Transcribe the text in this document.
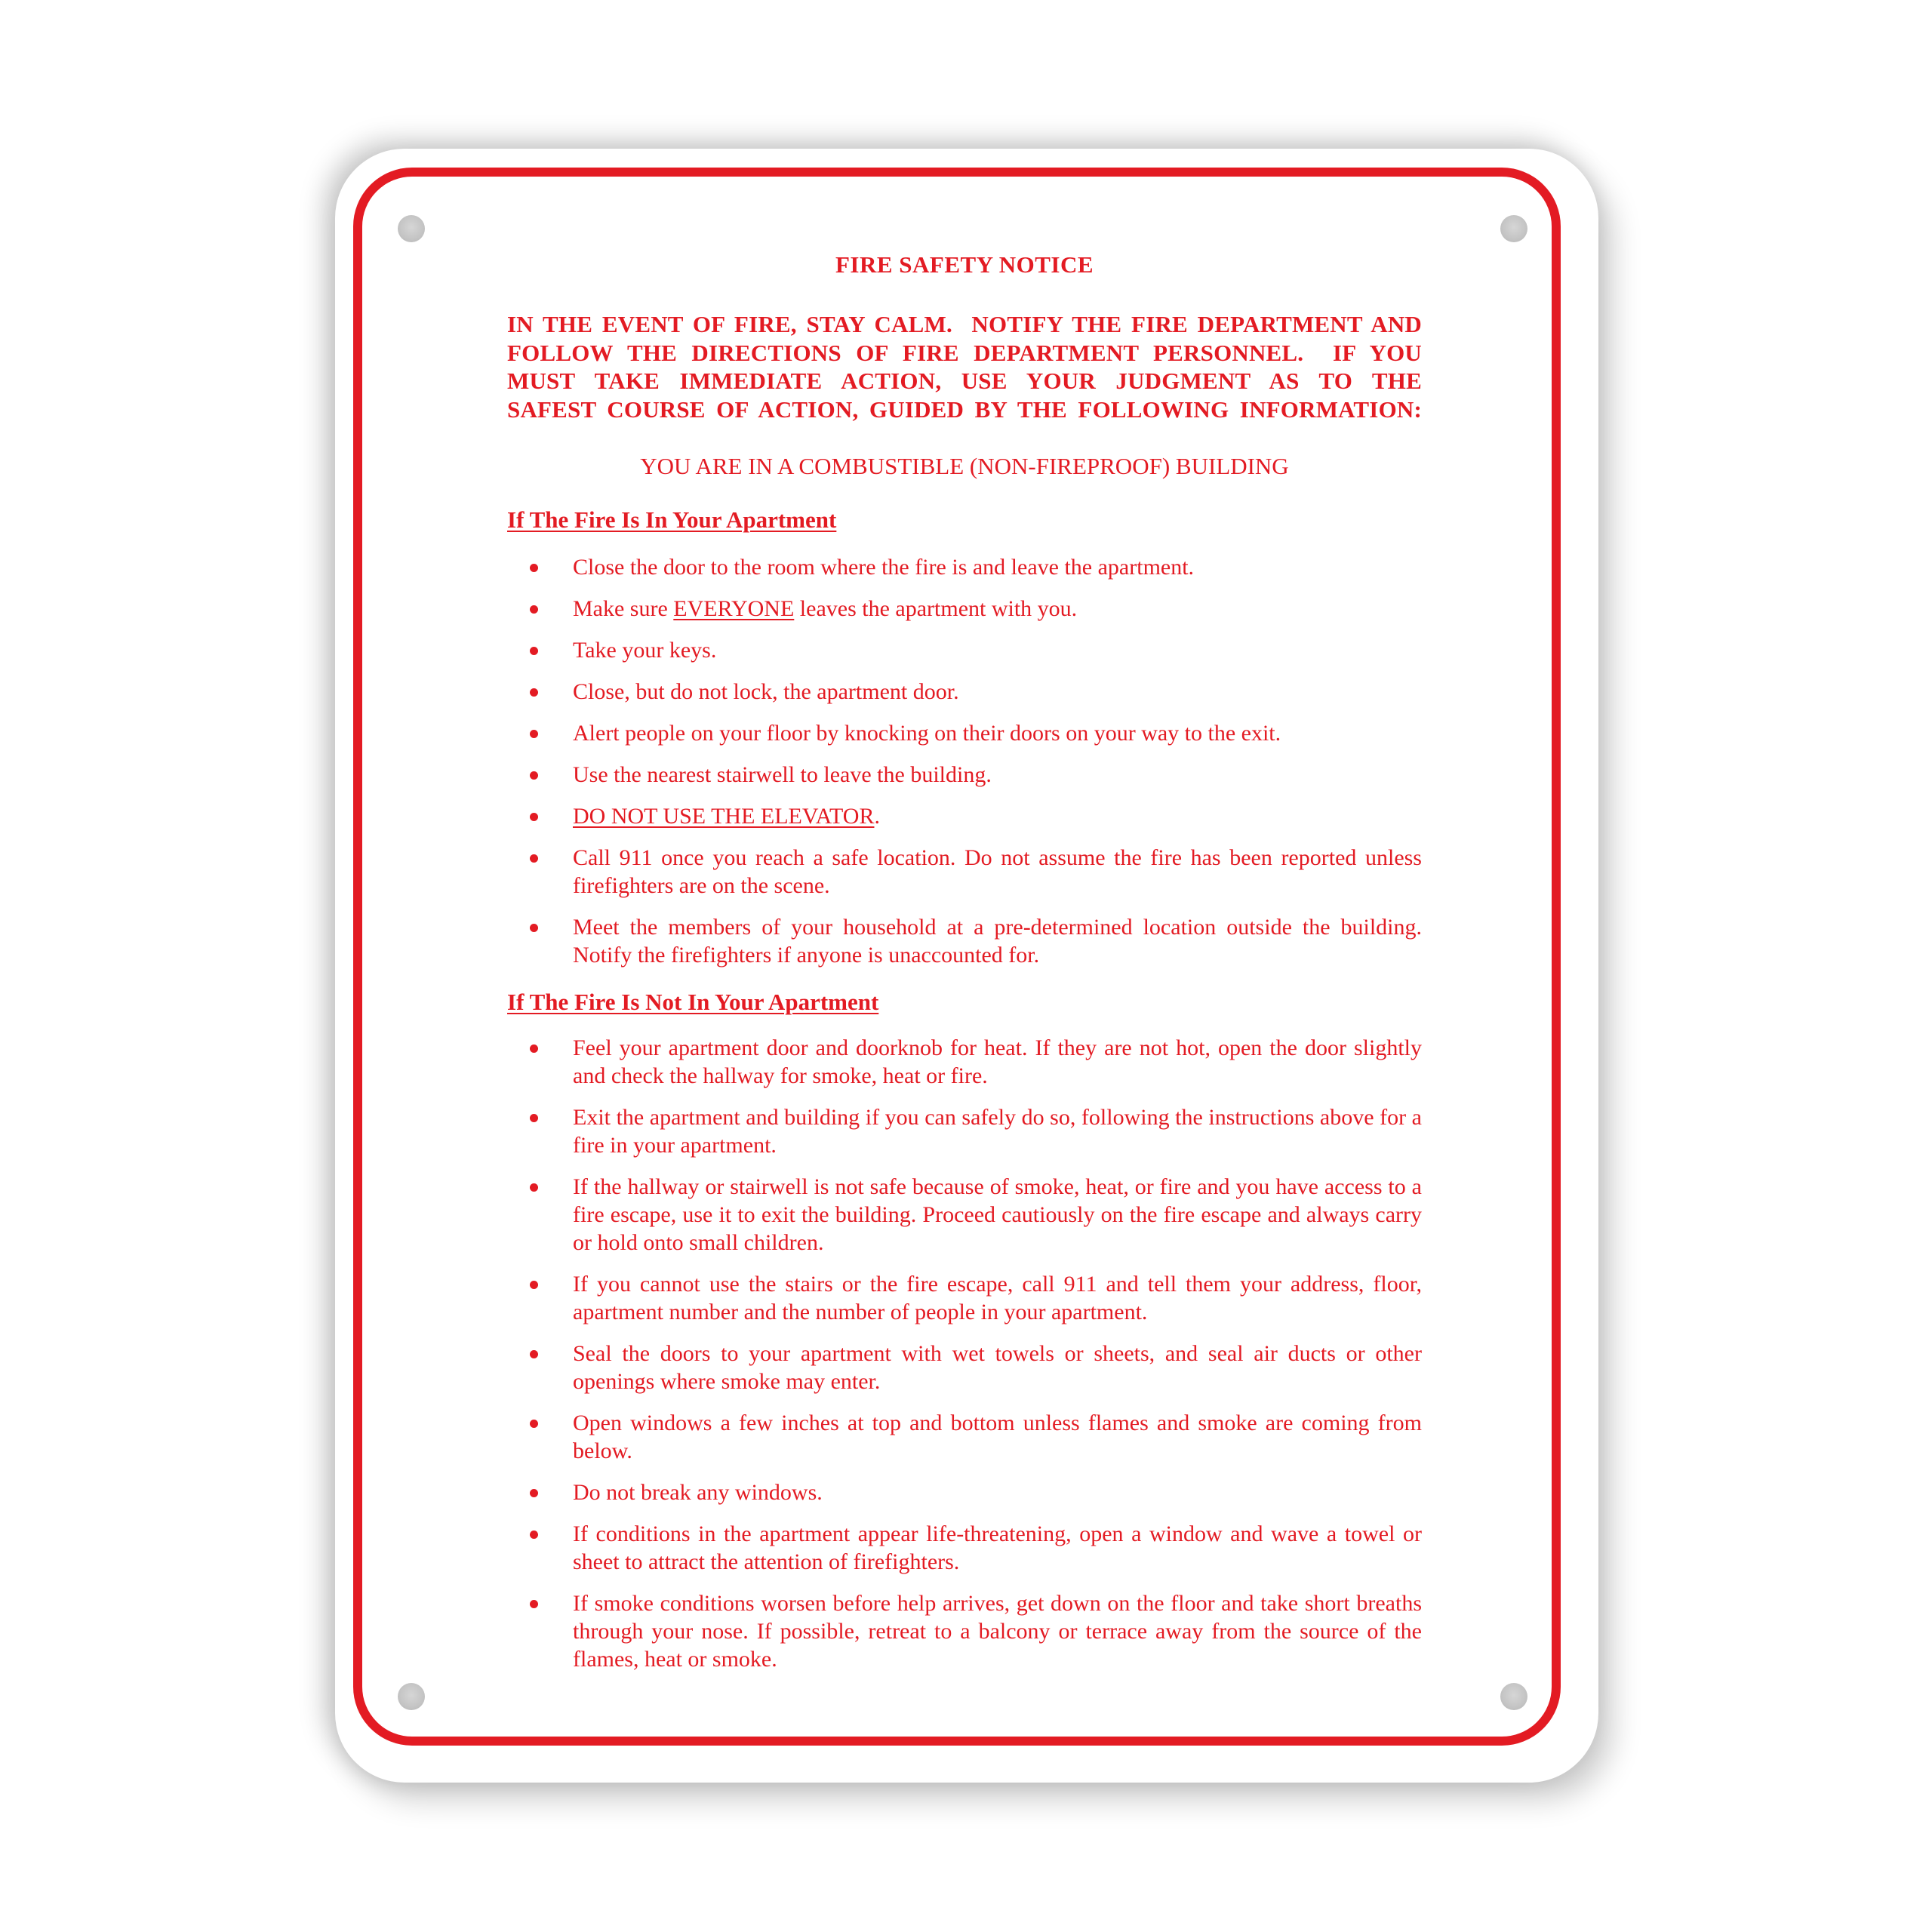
FIRE SAFETY NOTICE
IN THE EVENT OF FIRE, STAY CALM.  NOTIFY THE FIRE DEPARTMENT AND
FOLLOW THE DIRECTIONS OF FIRE DEPARTMENT PERSONNEL.  IF YOU
MUST TAKE IMMEDIATE ACTION, USE YOUR JUDGMENT AS TO THE
SAFEST COURSE OF ACTION, GUIDED BY THE FOLLOWING INFORMATION:
YOU ARE IN A COMBUSTIBLE (NON-FIREPROOF) BUILDING
If The Fire Is In Your Apartment
Close the door to the room where the fire is and leave the apartment.
Make sure EVERYONE leaves the apartment with you.
Take your keys.
Close, but do not lock, the apartment door.
Alert people on your floor by knocking on their doors on your way to the exit.
Use the nearest stairwell to leave the building.
DO NOT USE THE ELEVATOR.
Call 911 once you reach a safe location. Do not assume the fire has been reported unless firefighters are on the scene.
Meet the members of your household at a pre-determined location outside the building. Notify the firefighters if anyone is unaccounted for.
If The Fire Is Not In Your Apartment
Feel your apartment door and doorknob for heat. If they are not hot, open the door slightly and check the hallway for smoke, heat or fire.
Exit the apartment and building if you can safely do so, following the instructions above for a fire in your apartment.
If the hallway or stairwell is not safe because of smoke, heat, or fire and you have access to a fire escape, use it to exit the building. Proceed cautiously on the fire escape and always carry or hold onto small children.
If you cannot use the stairs or the fire escape, call 911 and tell them your address, floor, apartment number and the number of people in your apartment.
Seal the doors to your apartment with wet towels or sheets, and seal air ducts or other openings where smoke may enter.
Open windows a few inches at top and bottom unless flames and smoke are coming from below.
Do not break any windows.
If conditions in the apartment appear life-threatening, open a window and wave a towel or sheet to attract the attention of firefighters.
If smoke conditions worsen before help arrives, get down on the floor and take short breaths through your nose. If possible, retreat to a balcony or terrace away from the source of the flames, heat or smoke.
